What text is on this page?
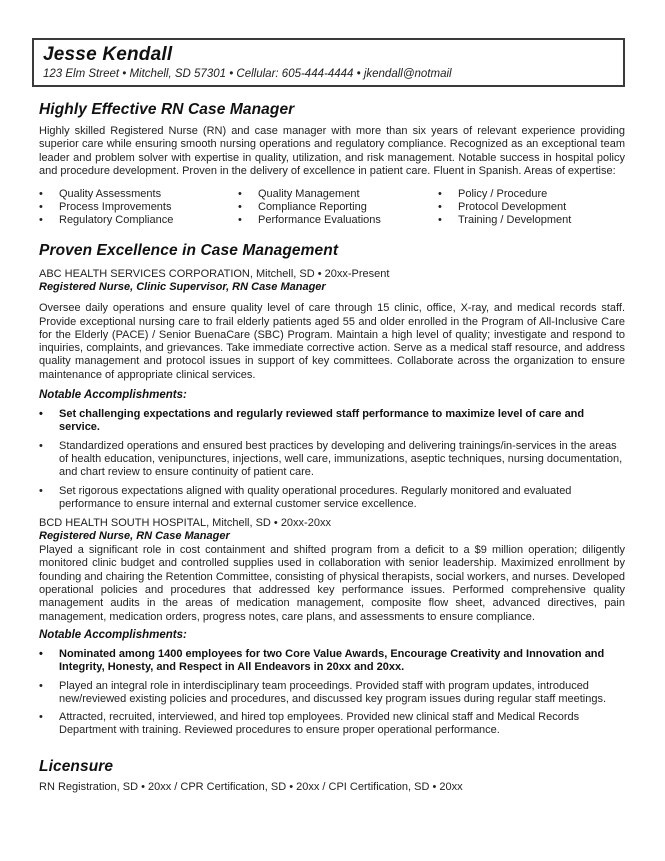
Jesse Kendall
123 Elm Street • Mitchell, SD 57301 • Cellular: 605-444-4444 • jkendall@notmail
Highly Effective RN Case Manager

Highly skilled Registered Nurse (RN) and case manager with more than six years of relevant experience providing superior care while ensuring smooth nursing operations and regulatory compliance. Recognized as an exceptional team leader and problem solver with expertise in quality, utilization, and risk management. Notable success in hospital policy and procedure development. Proven in the delivery of excellence in patient care. Fluent in Spanish. Areas of expertise:

• Quality Assessments
• Process Improvements
• Regulatory Compliance
• Quality Management
• Compliance Reporting
• Performance Evaluations
• Policy / Procedure
• Protocol Development
• Training / Development
Proven Excellence in Case Management
ABC HEALTH SERVICES CORPORATION, Mitchell, SD • 20xx-Present
Registered Nurse, Clinic Supervisor, RN Case Manager

Oversee daily operations and ensure quality level of care through 15 clinic, office, X-ray, and medical records staff. Provide exceptional nursing care to frail elderly patients aged 55 and older enrolled in the Program of All-Inclusive Care for the Elderly (PACE) / Senior BuenaCare (SBC) Program. Maintain a high level of quality; investigate and respond to inquiries, complaints, and grievances. Take immediate corrective action. Serve as a medical staff resource, and address quality management and protocol issues in support of key committees. Collaborate across the organization to ensure maintenance of appropriate clinical services.

Notable Accomplishments:
• Set challenging expectations and regularly reviewed staff performance to maximize level of care and service.
• Standardized operations and ensured best practices by developing and delivering trainings/in-services in the areas of health education, venipunctures, injections, well care, immunizations, aseptic techniques, nursing documentation, and chart review to ensure continuity of patient care.
• Set rigorous expectations aligned with quality operational procedures. Regularly monitored and evaluated performance to ensure internal and external customer service excellence.
BCD HEALTH SOUTH HOSPITAL, Mitchell, SD • 20xx-20xx
Registered Nurse, RN Case Manager

Played a significant role in cost containment and shifted program from a deficit to a $9 million operation; diligently monitored clinic budget and controlled supplies used in collaboration with senior leadership. Maximized enrollment by founding and chairing the Retention Committee, consisting of physical therapists, social workers, and nurses. Developed operational policies and procedures that addressed key performance issues. Performed comprehensive quality management audits in the areas of medication management, composite flow sheet, advanced directives, pain management, medication orders, progress notes, care plans, and assessments to ensure compliance.

Notable Accomplishments:
• Nominated among 1400 employees for two Core Value Awards, Encourage Creativity and Innovation and Integrity, Honesty, and Respect in All Endeavors in 20xx and 20xx.
• Played an integral role in interdisciplinary team proceedings. Provided staff with program updates, introduced new/reviewed existing policies and procedures, and discussed key program issues during regular staff meetings.
• Attracted, recruited, interviewed, and hired top employees. Provided new clinical staff and Medical Records Department with training. Reviewed procedures to ensure proper operational performance.
Licensure
RN Registration, SD • 20xx / CPR Certification, SD • 20xx / CPI Certification, SD • 20xx
